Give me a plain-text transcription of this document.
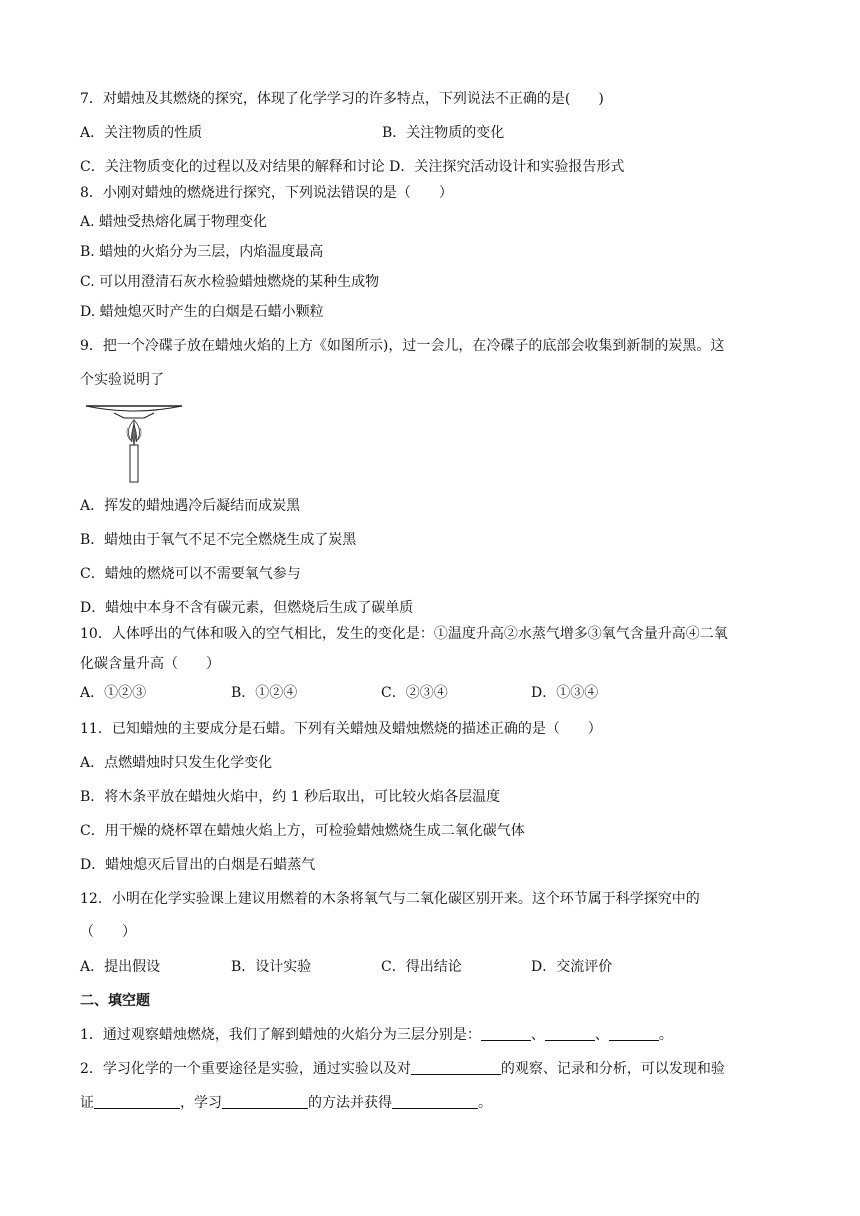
7．对蜡烛及其燃烧的探究，体现了化学学习的许多特点，下列说法不正确的是(　　)
A．关注物质的性质	B．关注物质的变化
C．关注物质变化的过程以及对结果的解释和讨论 D．关注探究活动设计和实验报告形式
8．小刚对蜡烛的燃烧进行探究，下列说法错误的是（　　）
A. 蜡烛受热熔化属于物理变化
B. 蜡烛的火焰分为三层，内焰温度最高
C. 可以用澄清石灰水检验蜡烛燃烧的某种生成物
D. 蜡烛熄灭时产生的白烟是石蜡小颗粒
9．把一个冷碟子放在蜡烛火焰的上方《如图所示)，过一会儿，在冷碟子的底部会收集到新制的炭黑。这
个实验说明了
A．挥发的蜡烛遇冷后凝结而成炭黑
B．蜡烛由于氧气不足不完全燃烧生成了炭黑
C．蜡烛的燃烧可以不需要氧气参与
D．蜡烛中本身不含有碳元素，但燃烧后生成了碳单质
10．人体呼出的气体和吸入的空气相比，发生的变化是：①温度升高②水蒸气增多③氧气含量升高④二氧
化碳含量升高（　　）
A．①②③	B．①②④	C．②③④	D．①③④
11．已知蜡烛的主要成分是石蜡。下列有关蜡烛及蜡烛燃烧的描述正确的是（　　）
A．点燃蜡烛时只发生化学变化
B．将木条平放在蜡烛火焰中，约 1 秒后取出，可比较火焰各层温度
C．用干燥的烧杯罩在蜡烛火焰上方，可检验蜡烛燃烧生成二氧化碳气体
D．蜡烛熄灭后冒出的白烟是石蜡蒸气
12．小明在化学实验课上建议用燃着的木条将氧气与二氧化碳区别开来。这个环节属于科学探究中的
（　　）
A．提出假设	B．设计实验	C．得出结论	D．交流评价
二、填空题
1．通过观察蜡烛燃烧，我们了解到蜡烛的火焰分为三层分别是：	、	、	。
2．学习化学的一个重要途径是实验，通过实验以及对	的观察、记录和分析，可以发现和验
证	，学习	的方法并获得	。
